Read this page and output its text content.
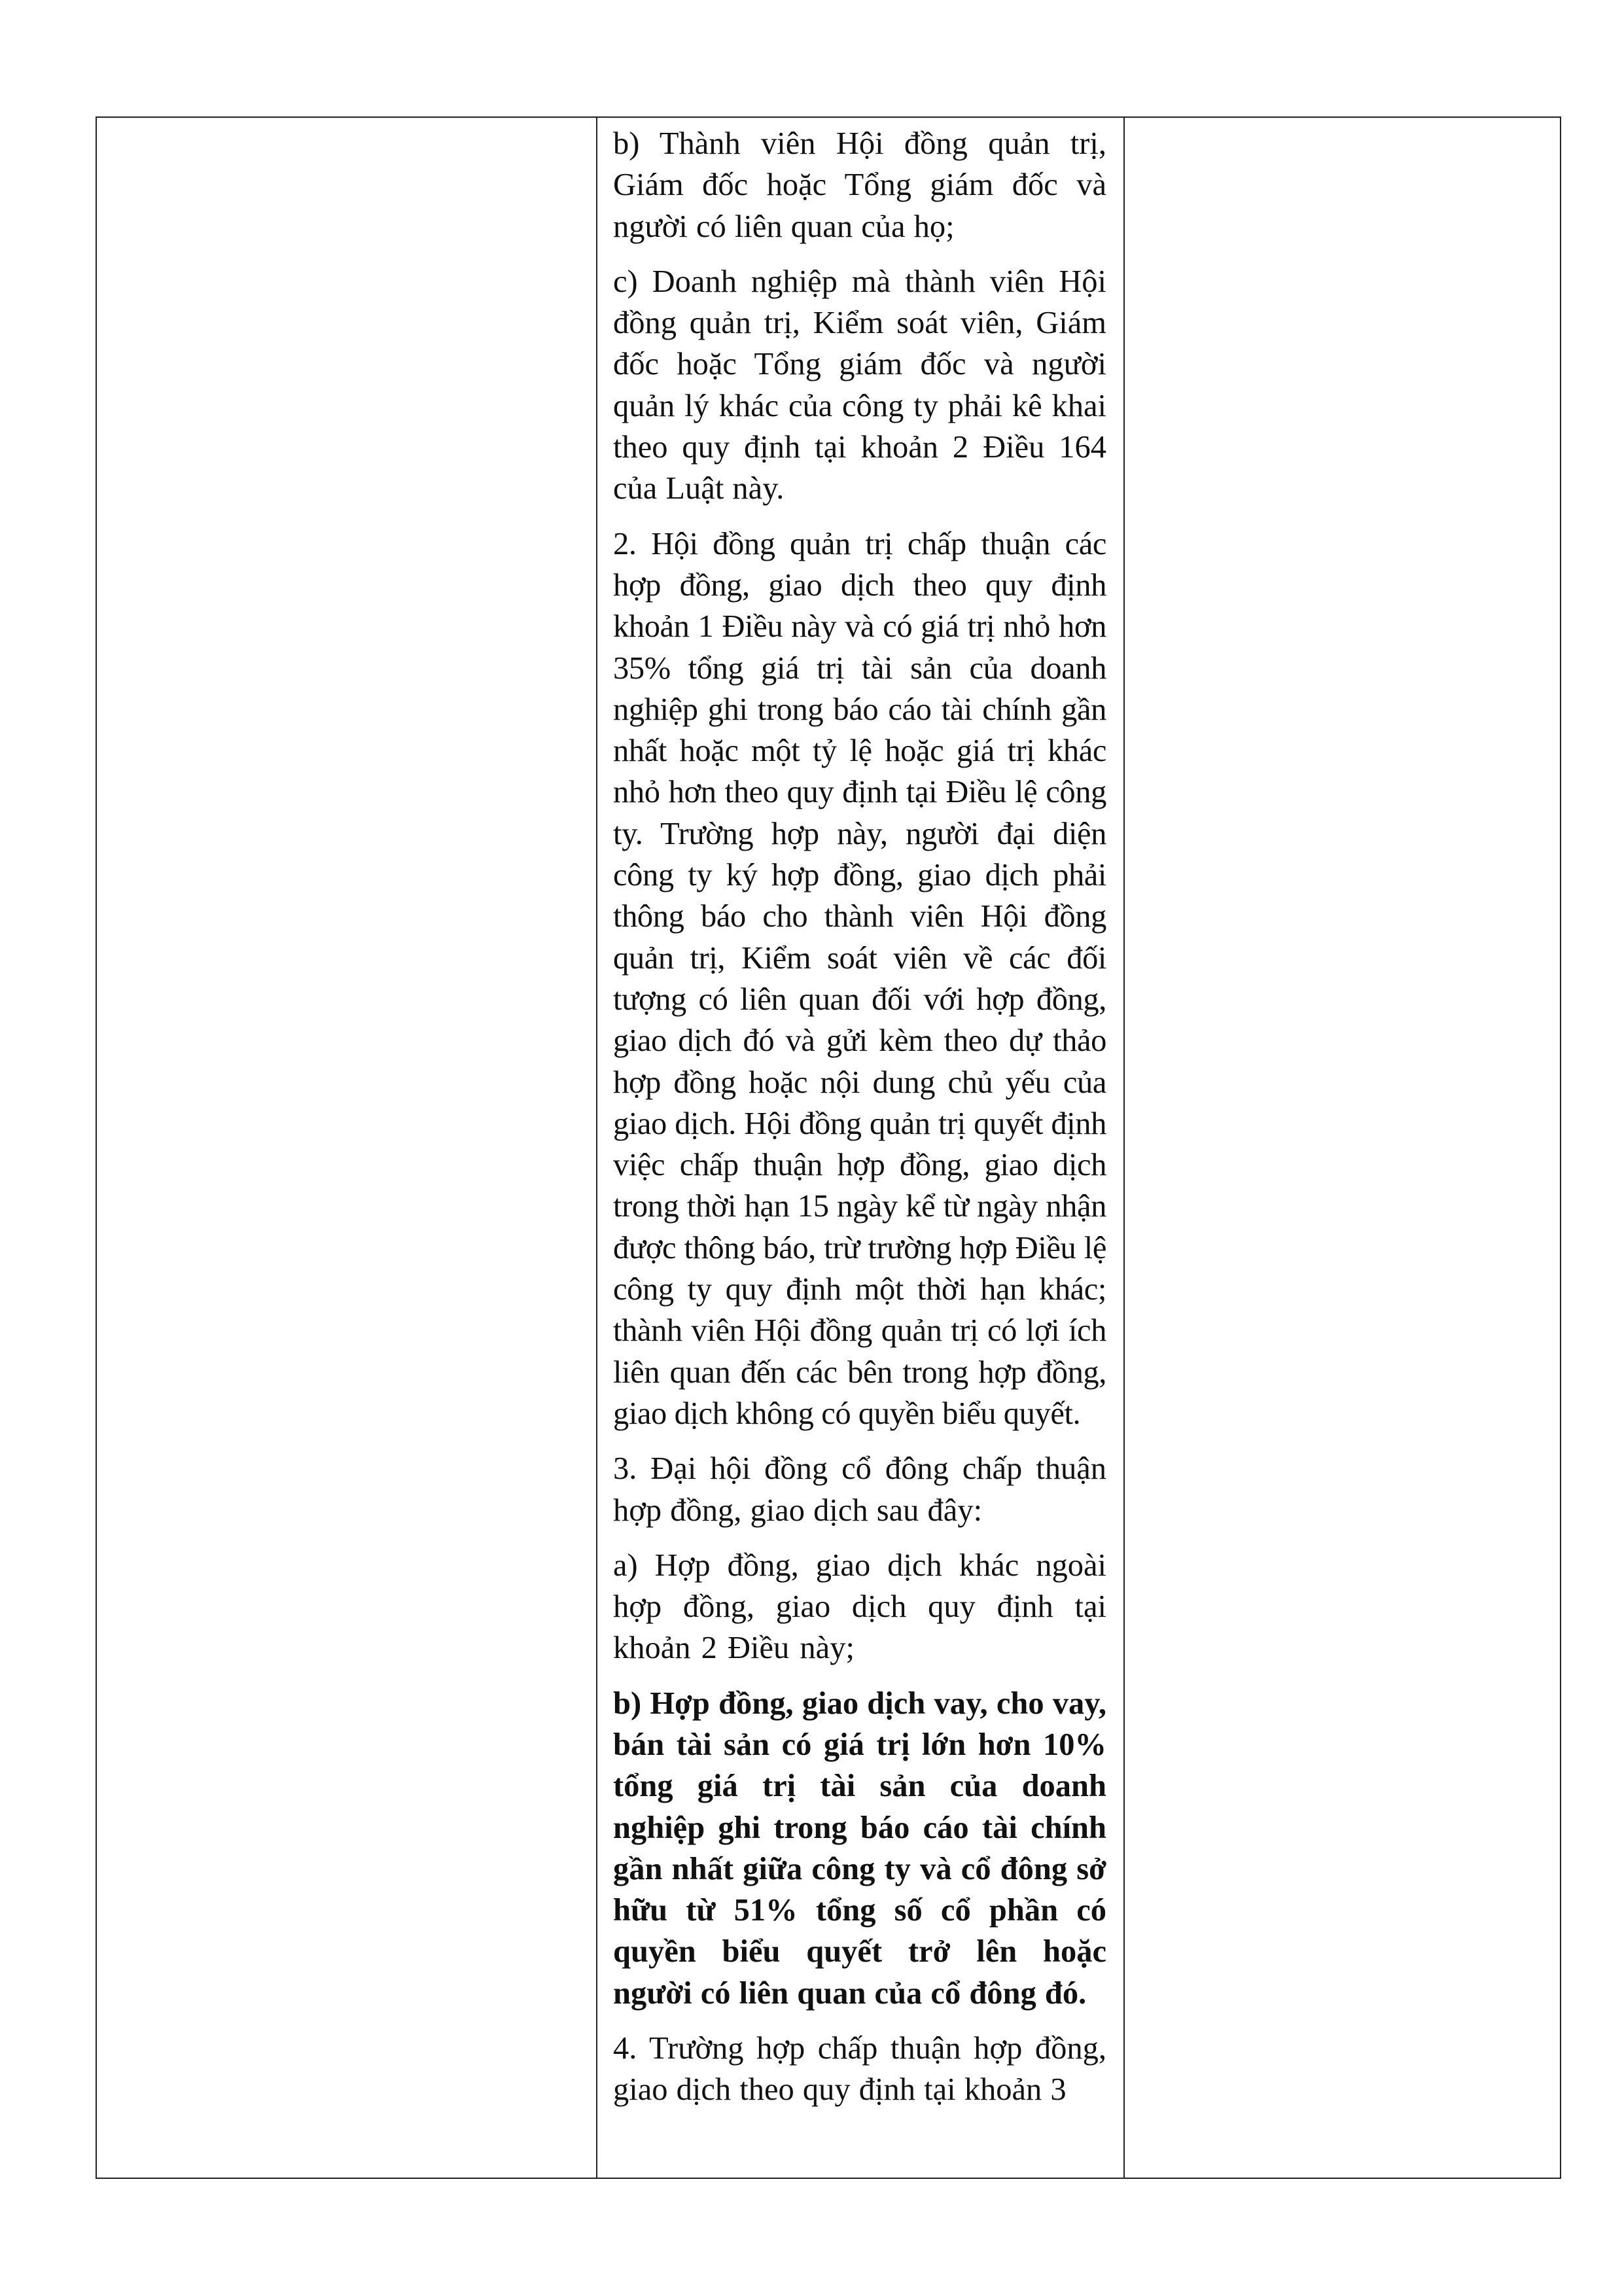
b) Thành viên Hội đồng quản trị, Giám đốc hoặc Tổng giám đốc và người có liên quan của họ;

c) Doanh nghiệp mà thành viên Hội đồng quản trị, Kiểm soát viên, Giám đốc hoặc Tổng giám đốc và người quản lý khác của công ty phải kê khai theo quy định tại khoản 2 Điều 164 của Luật này.

2. Hội đồng quản trị chấp thuận các hợp đồng, giao dịch theo quy định khoản 1 Điều này và có giá trị nhỏ hơn 35% tổng giá trị tài sản của doanh nghiệp ghi trong báo cáo tài chính gần nhất hoặc một tỷ lệ hoặc giá trị khác nhỏ hơn theo quy định tại Điều lệ công ty. Trường hợp này, người đại diện công ty ký hợp đồng, giao dịch phải thông báo cho thành viên Hội đồng quản trị, Kiểm soát viên về các đối tượng có liên quan đối với hợp đồng, giao dịch đó và gửi kèm theo dự thảo hợp đồng hoặc nội dung chủ yếu của giao dịch. Hội đồng quản trị quyết định việc chấp thuận hợp đồng, giao dịch trong thời hạn 15 ngày kể từ ngày nhận được thông báo, trừ trường hợp Điều lệ công ty quy định một thời hạn khác; thành viên Hội đồng quản trị có lợi ích liên quan đến các bên trong hợp đồng, giao dịch không có quyền biểu quyết.

3. Đại hội đồng cổ đông chấp thuận hợp đồng, giao dịch sau đây:

a) Hợp đồng, giao dịch khác ngoài hợp đồng, giao dịch quy định tại khoản 2 Điều này;

b) Hợp đồng, giao dịch vay, cho vay, bán tài sản có giá trị lớn hơn 10% tổng giá trị tài sản của doanh nghiệp ghi trong báo cáo tài chính gần nhất giữa công ty và cổ đông sở hữu từ 51% tổng số cổ phần có quyền biểu quyết trở lên hoặc người có liên quan của cổ đông đó.

4. Trường hợp chấp thuận hợp đồng, giao dịch theo quy định tại khoản 3
